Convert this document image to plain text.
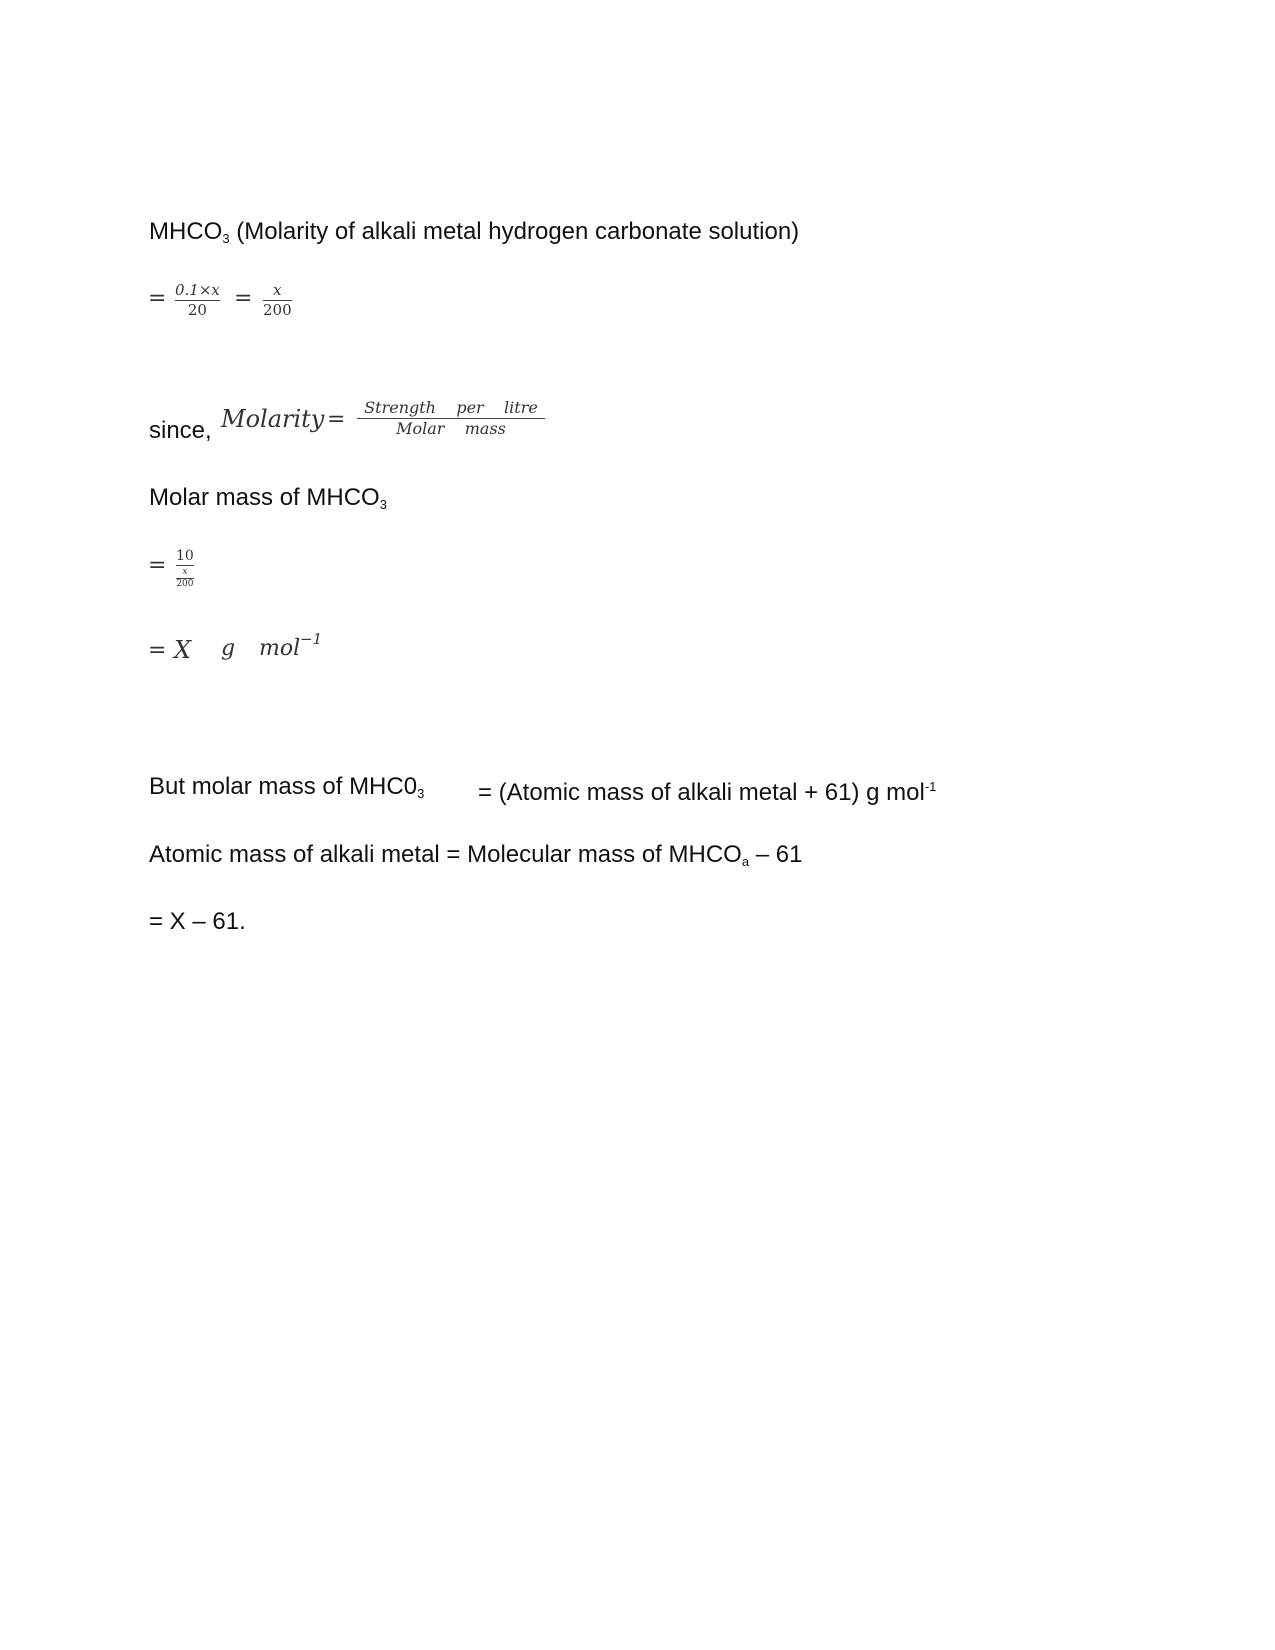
$MHCO_3$ (Molarity of alkali metal hydrogen carbonate solution)
= 0.1×x
20 = x
200
since, Molarity = Strength    per    litre
Molar    mass
Molar mass of $MHCO_3$
= 10
$\frac{x}{200}$
= X g mol −1
But molar mass of $MHC0_3$ = (Atomic mass of alkali metal + 61) g mol$^{-1}$
Atomic mass of alkali metal = Molecular mass of $MHCO_a - 61$
= X – 61.
